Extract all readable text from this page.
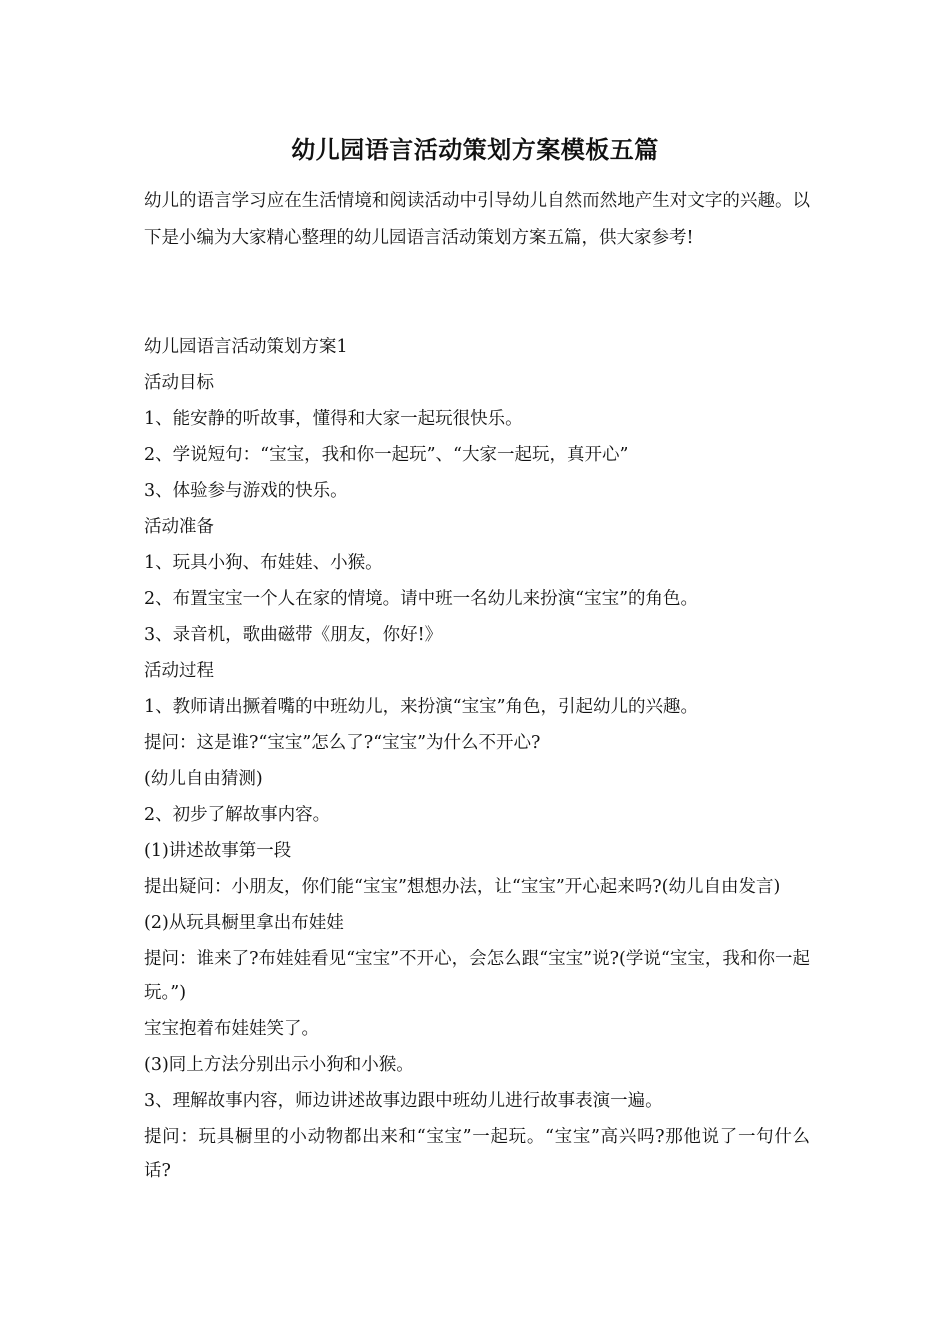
幼儿园语言活动策划方案模板五篇

幼儿的语言学习应在生活情境和阅读活动中引导幼儿自然而然地产生对文字的兴趣。以下是小编为大家精心整理的幼儿园语言活动策划方案五篇，供大家参考!

幼儿园语言活动策划方案1

活动目标

1、能安静的听故事，懂得和大家一起玩很快乐。

2、学说短句：“宝宝，我和你一起玩”、“大家一起玩，真开心”

3、体验参与游戏的快乐。

活动准备

1、玩具小狗、布娃娃、小猴。

2、布置宝宝一个人在家的情境。请中班一名幼儿来扮演“宝宝”的角色。

3、录音机，歌曲磁带《朋友，你好!》

活动过程

1、教师请出撅着嘴的中班幼儿，来扮演“宝宝”角色，引起幼儿的兴趣。

提问：这是谁?“宝宝”怎么了?“宝宝”为什么不开心?

(幼儿自由猜测)

2、初步了解故事内容。

(1)讲述故事第一段

提出疑问：小朋友，你们能“宝宝”想想办法，让“宝宝”开心起来吗?(幼儿自由发言)

(2)从玩具橱里拿出布娃娃

提问：谁来了?布娃娃看见“宝宝”不开心，会怎么跟“宝宝”说?(学说“宝宝，我和你一起玩。”)

宝宝抱着布娃娃笑了。

(3)同上方法分别出示小狗和小猴。

3、理解故事内容，师边讲述故事边跟中班幼儿进行故事表演一遍。

提问：玩具橱里的小动物都出来和“宝宝”一起玩。“宝宝”高兴吗?那他说了一句什么话?
